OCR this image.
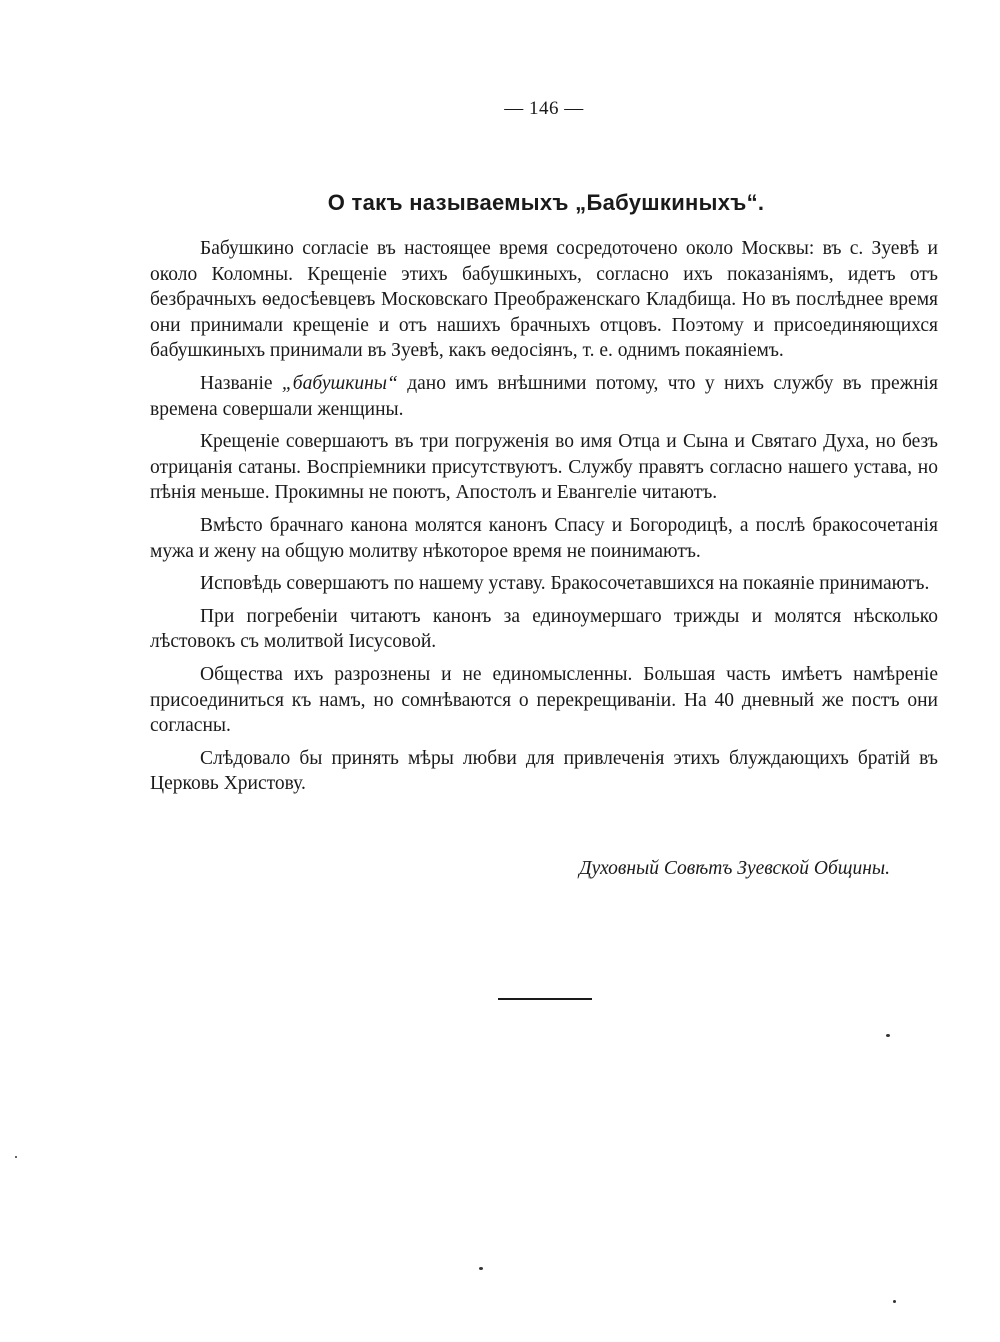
— 146 —
О такъ называемыхъ „Бабушкиныхъ“.

Бабушкино согласіе въ настоящее время сосредоточено около Москвы: въ с. Зуевѣ и около Коломны. Крещеніе этихъ бабушкиныхъ, согласно ихъ показаніямъ, идетъ отъ безбрачныхъ ѳедосѣевцевъ Московскаго Преображенскаго Кладбища. Но въ послѣднее время они принимали крещеніе и отъ нашихъ брачныхъ отцовъ. Поэтому и присоединяющихся бабушкиныхъ принимали въ Зуевѣ, какъ ѳедосіянъ, т. е. однимъ покаяніемъ.

Названіе „бабушкины“ дано имъ внѣшними потому, что у нихъ службу въ прежнія времена совершали женщины.

Крещеніе совершаютъ въ три погруженія во имя Отца и Сына и Святаго Духа, но безъ отрицанія сатаны. Воспріемники присутствуютъ. Службу правятъ согласно нашего устава, но пѣнія меньше. Прокимны не поютъ, Апостолъ и Евангеліе читаютъ.

Вмѣсто брачнаго канона молятся канонъ Спасу и Богородицѣ, а послѣ бракосочетанія мужа и жену на общую молитву нѣкоторое время не поинимаютъ.

Исповѣдь совершаютъ по нашему уставу. Бракосочетавшихся на покаяніе принимаютъ.

При погребеніи читаютъ канонъ за единоумершаго трижды и молятся нѣсколько лѣстовокъ съ молитвой Іисусовой.

Общества ихъ разрознены и не единомысленны. Большая часть имѣетъ намѣреніе присоединиться къ намъ, но сомнѣваются о перекрещиваніи. На 40 дневный же постъ они согласны.

Слѣдовало бы принять мѣры любви для привлеченія этихъ блуждающихъ братій въ Церковь Христову.

Духовный Совѣтъ Зуевской Общины.
